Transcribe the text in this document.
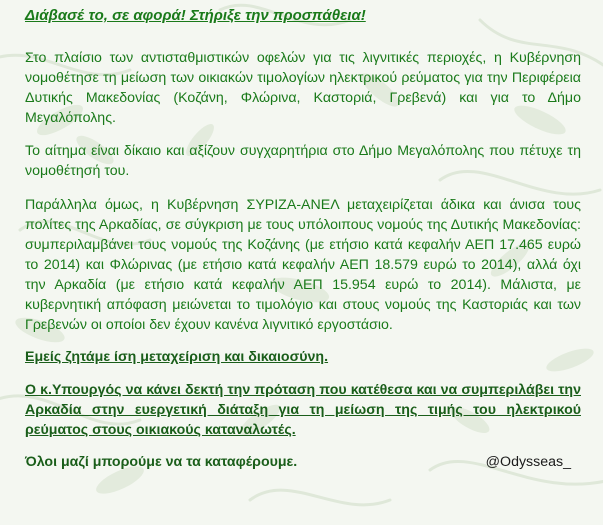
Διάβασέ το, σε αφορά! Στήριξε την προσπάθεια!

Στο πλαίσιο των αντισταθμιστικών οφελών για τις λιγνιτικές περιοχές, η Κυβέρνηση νομοθέτησε τη μείωση των οικιακών τιμολογίων ηλεκτρικού ρεύματος για την Περιφέρεια Δυτικής Μακεδονίας (Κοζάνη, Φλώρινα, Καστοριά, Γρεβενά) και για το Δήμο Μεγαλόπολης.

Το αίτημα είναι δίκαιο και αξίζουν συγχαρητήρια στο Δήμο Μεγαλόπολης που πέτυχε τη νομοθέτησή του.

Παράλληλα όμως, η Κυβέρνηση ΣΥΡΙΖΑ-ΑΝΕΛ μεταχειρίζεται άδικα και άνισα τους πολίτες της Αρκαδίας, σε σύγκριση με τους υπόλοιπους νομούς της Δυτικής Μακεδονίας: συμπεριλαμβάνει τους νομούς της Κοζάνης (με ετήσιο κατά κεφαλήν ΑΕΠ 17.465 ευρώ το 2014) και Φλώρινας (με ετήσιο κατά κεφαλήν ΑΕΠ 18.579 ευρώ το 2014), αλλά όχι την Αρκαδία (με ετήσιο κατά κεφαλήν ΑΕΠ 15.954 ευρώ το 2014). Μάλιστα, με κυβερνητική απόφαση μειώνεται το τιμολόγιο και στους νομούς της Καστοριάς και των Γρεβενών οι οποίοι δεν έχουν κανένα λιγνιτικό εργοστάσιο.

Εμείς ζητάμε ίση μεταχείριση και δικαιοσύνη.

Ο κ.Υπουργός να κάνει δεκτή την πρόταση που κατέθεσα και να συμπεριλάβει την Αρκαδία στην ευεργετική διάταξη για τη μείωση της τιμής του ηλεκτρικού ρεύματος στους οικιακούς καταναλωτές.

Όλοι μαζί μπορούμε να τα καταφέρουμε.	@Odysseas_
